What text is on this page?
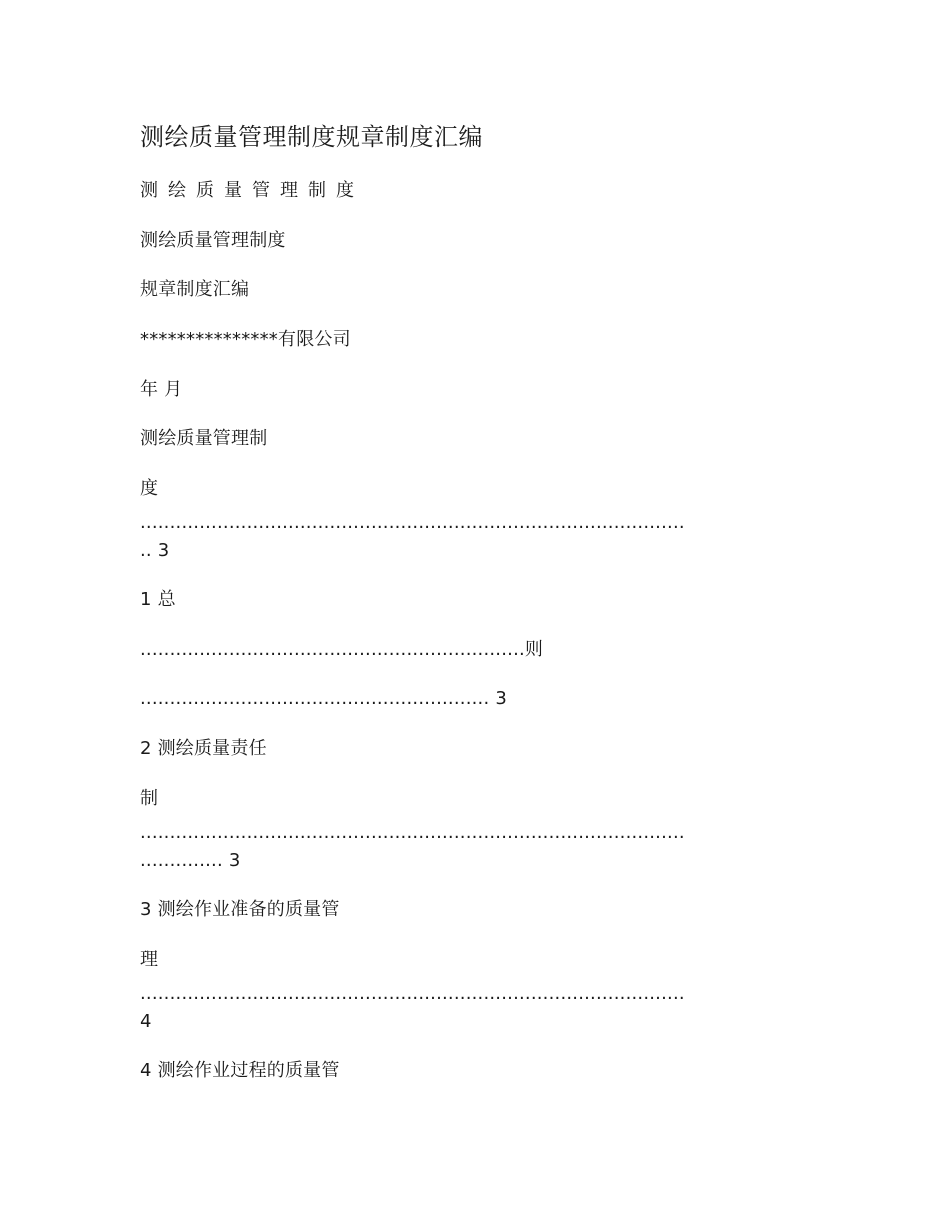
测绘质量管理制度规章制度汇编
测绘质量管理制度
测绘质量管理制度
规章制度汇编
***************有限公司
年 月
测绘质量管理制
度
............................................................................................
.. 3
1 总
.................................................................则
........................................................... 3
2 测绘质量责任
制
............................................................................................
.............. 3
3 测绘作业准备的质量管
理
............................................................................................
4
4 测绘作业过程的质量管
